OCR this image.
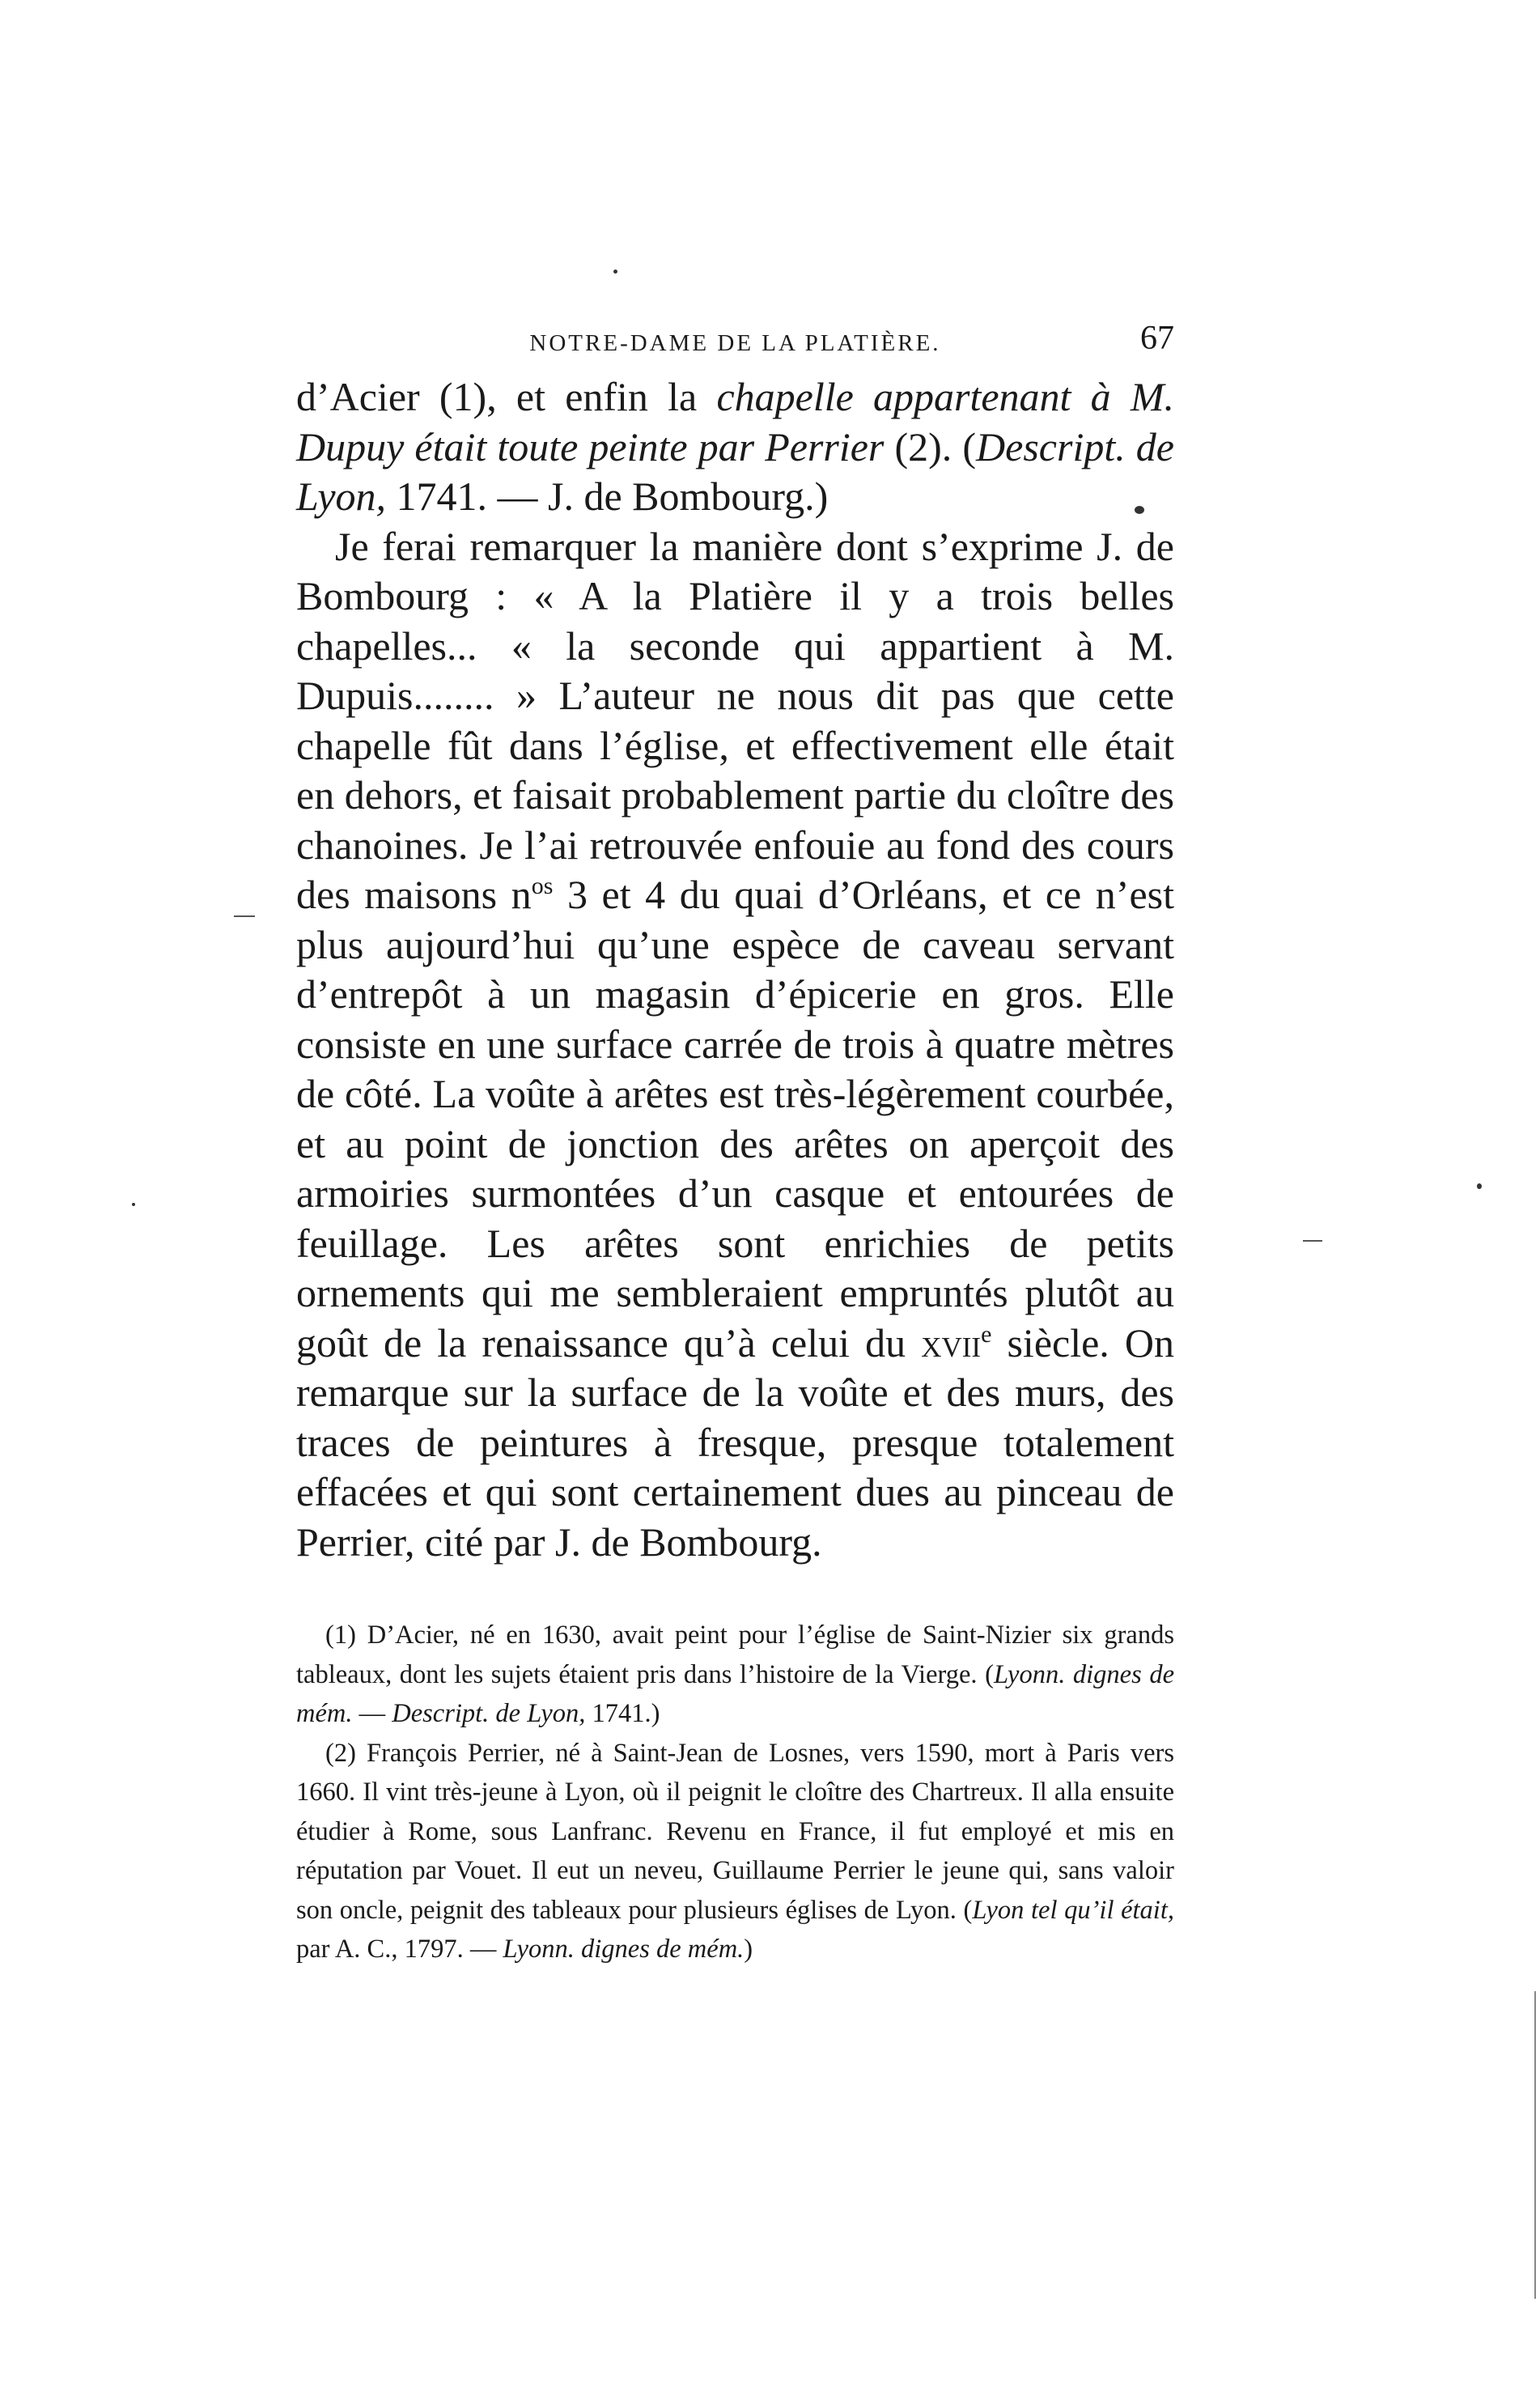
NOTRE-DAME DE LA PLATIÈRE.	67

d’Acier (1), et enfin la chapelle appartenant à M. Dupuy était toute peinte par Perrier (2). (Descript. de Lyon, 1741. — J. de Bombourg.)

Je ferai remarquer la manière dont s’exprime J. de Bombourg : « A la Platière il y a trois belles chapelles... « la seconde qui appartient à M. Dupuis........ » L’auteur ne nous dit pas que cette chapelle fût dans l’église, et effectivement elle était en dehors, et faisait probablement partie du cloître des chanoines. Je l’ai retrouvée enfouie au fond des cours des maisons $n^{os}$ 3 et 4 du quai d’Orléans, et ce n’est plus aujourd’hui qu’une espèce de caveau servant d’entrepôt à un magasin d’épicerie en gros. Elle consiste en une surface carrée de trois à quatre mètres de côté. La voûte à arêtes est très-légèrement courbée, et au point de jonction des arêtes on aperçoit des armoiries surmontées d’un casque et entourées de feuillage. Les arêtes sont enrichies de petits ornements qui me sembleraient empruntés plutôt au goût de la renaissance qu’à celui du xvii$^e$ siècle. On remarque sur la surface de la voûte et des murs, des traces de peintures à fresque, presque totalement effacées et qui sont certainement dues au pinceau de Perrier, cité par J. de Bombourg.

(1) D’Acier, né en 1630, avait peint pour l’église de Saint-Nizier six grands tableaux, dont les sujets étaient pris dans l’histoire de la Vierge. (Lyonn. dignes de mém. — Descript. de Lyon, 1741.)

(2) François Perrier, né à Saint-Jean de Losnes, vers 1590, mort à Paris vers 1660. Il vint très-jeune à Lyon, où il peignit le cloître des Chartreux. Il alla ensuite étudier à Rome, sous Lanfranc. Revenu en France, il fut employé et mis en réputation par Vouet. Il eut un neveu, Guillaume Perrier le jeune qui, sans valoir son oncle, peignit des tableaux pour plusieurs églises de Lyon. (Lyon tel qu’il était, par A. C., 1797. — Lyonn. dignes de mém.)
